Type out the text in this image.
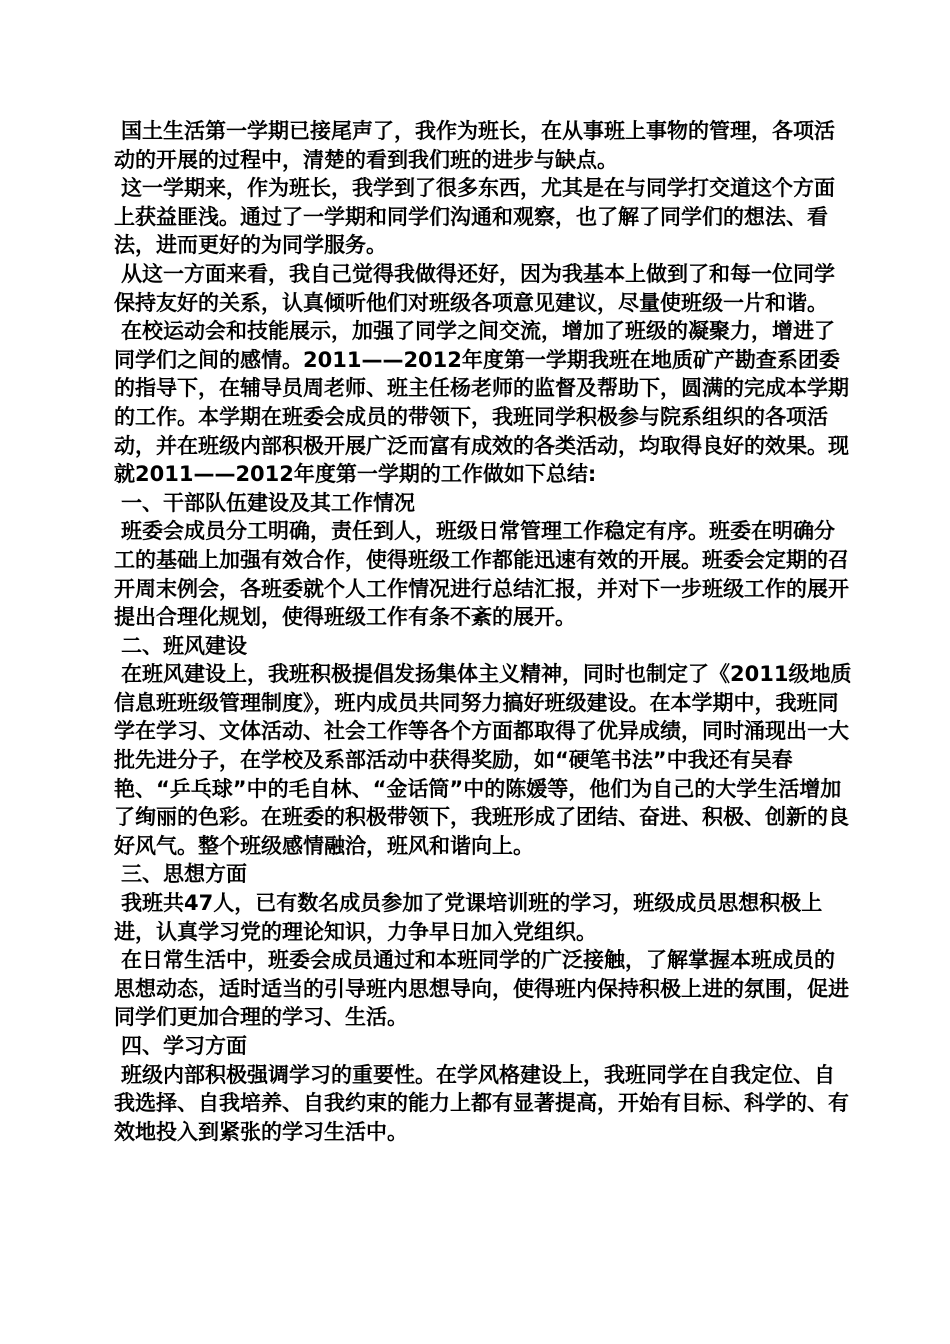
国土生活第一学期已接尾声了，我作为班长，在从事班上事物的管理，各项活动的开展的过程中，清楚的看到我们班的进步与缺点。

这一学期来，作为班长，我学到了很多东西，尤其是在与同学打交道这个方面上获益匪浅。通过了一学期和同学们沟通和观察，也了解了同学们的想法、看法，进而更好的为同学服务。

从这一方面来看，我自己觉得我做得还好，因为我基本上做到了和每一位同学保持友好的关系，认真倾听他们对班级各项意见建议，尽量使班级一片和谐。

在校运动会和技能展示，加强了同学之间交流，增加了班级的凝聚力，增进了同学们之间的感情。2011——2012年度第一学期我班在地质矿产勘查系团委的指导下，在辅导员周老师、班主任杨老师的监督及帮助下，圆满的完成本学期的工作。本学期在班委会成员的带领下，我班同学积极参与院系组织的各项活动，并在班级内部积极开展广泛而富有成效的各类活动，均取得良好的效果。现就2011——2012年度第一学期的工作做如下总结:

一、干部队伍建设及其工作情况

班委会成员分工明确，责任到人，班级日常管理工作稳定有序。班委在明确分工的基础上加强有效合作，使得班级工作都能迅速有效的开展。班委会定期的召开周末例会，各班委就个人工作情况进行总结汇报，并对下一步班级工作的展开提出合理化规划，使得班级工作有条不紊的展开。

二、班风建设

在班风建设上，我班积极提倡发扬集体主义精神，同时也制定了《2011级地质信息班班级管理制度》，班内成员共同努力搞好班级建设。在本学期中，我班同学在学习、文体活动、社会工作等各个方面都取得了优异成绩，同时涌现出一大批先进分子，在学校及系部活动中获得奖励，如“硬笔书法”中我还有吴春艳、“乒乓球”中的毛自林、“金话筒”中的陈媛等，他们为自己的大学生活增加了绚丽的色彩。在班委的积极带领下，我班形成了团结、奋进、积极、创新的良好风气。整个班级感情融洽，班风和谐向上。

三、思想方面

我班共47人，已有数名成员参加了党课培训班的学习，班级成员思想积极上进，认真学习党的理论知识，力争早日加入党组织。

在日常生活中，班委会成员通过和本班同学的广泛接触，了解掌握本班成员的思想动态，适时适当的引导班内思想导向，使得班内保持积极上进的氛围，促进同学们更加合理的学习、生活。

四、学习方面

班级内部积极强调学习的重要性。在学风格建设上，我班同学在自我定位、自我选择、自我培养、自我约束的能力上都有显著提高，开始有目标、科学的、有效地投入到紧张的学习生活中。
